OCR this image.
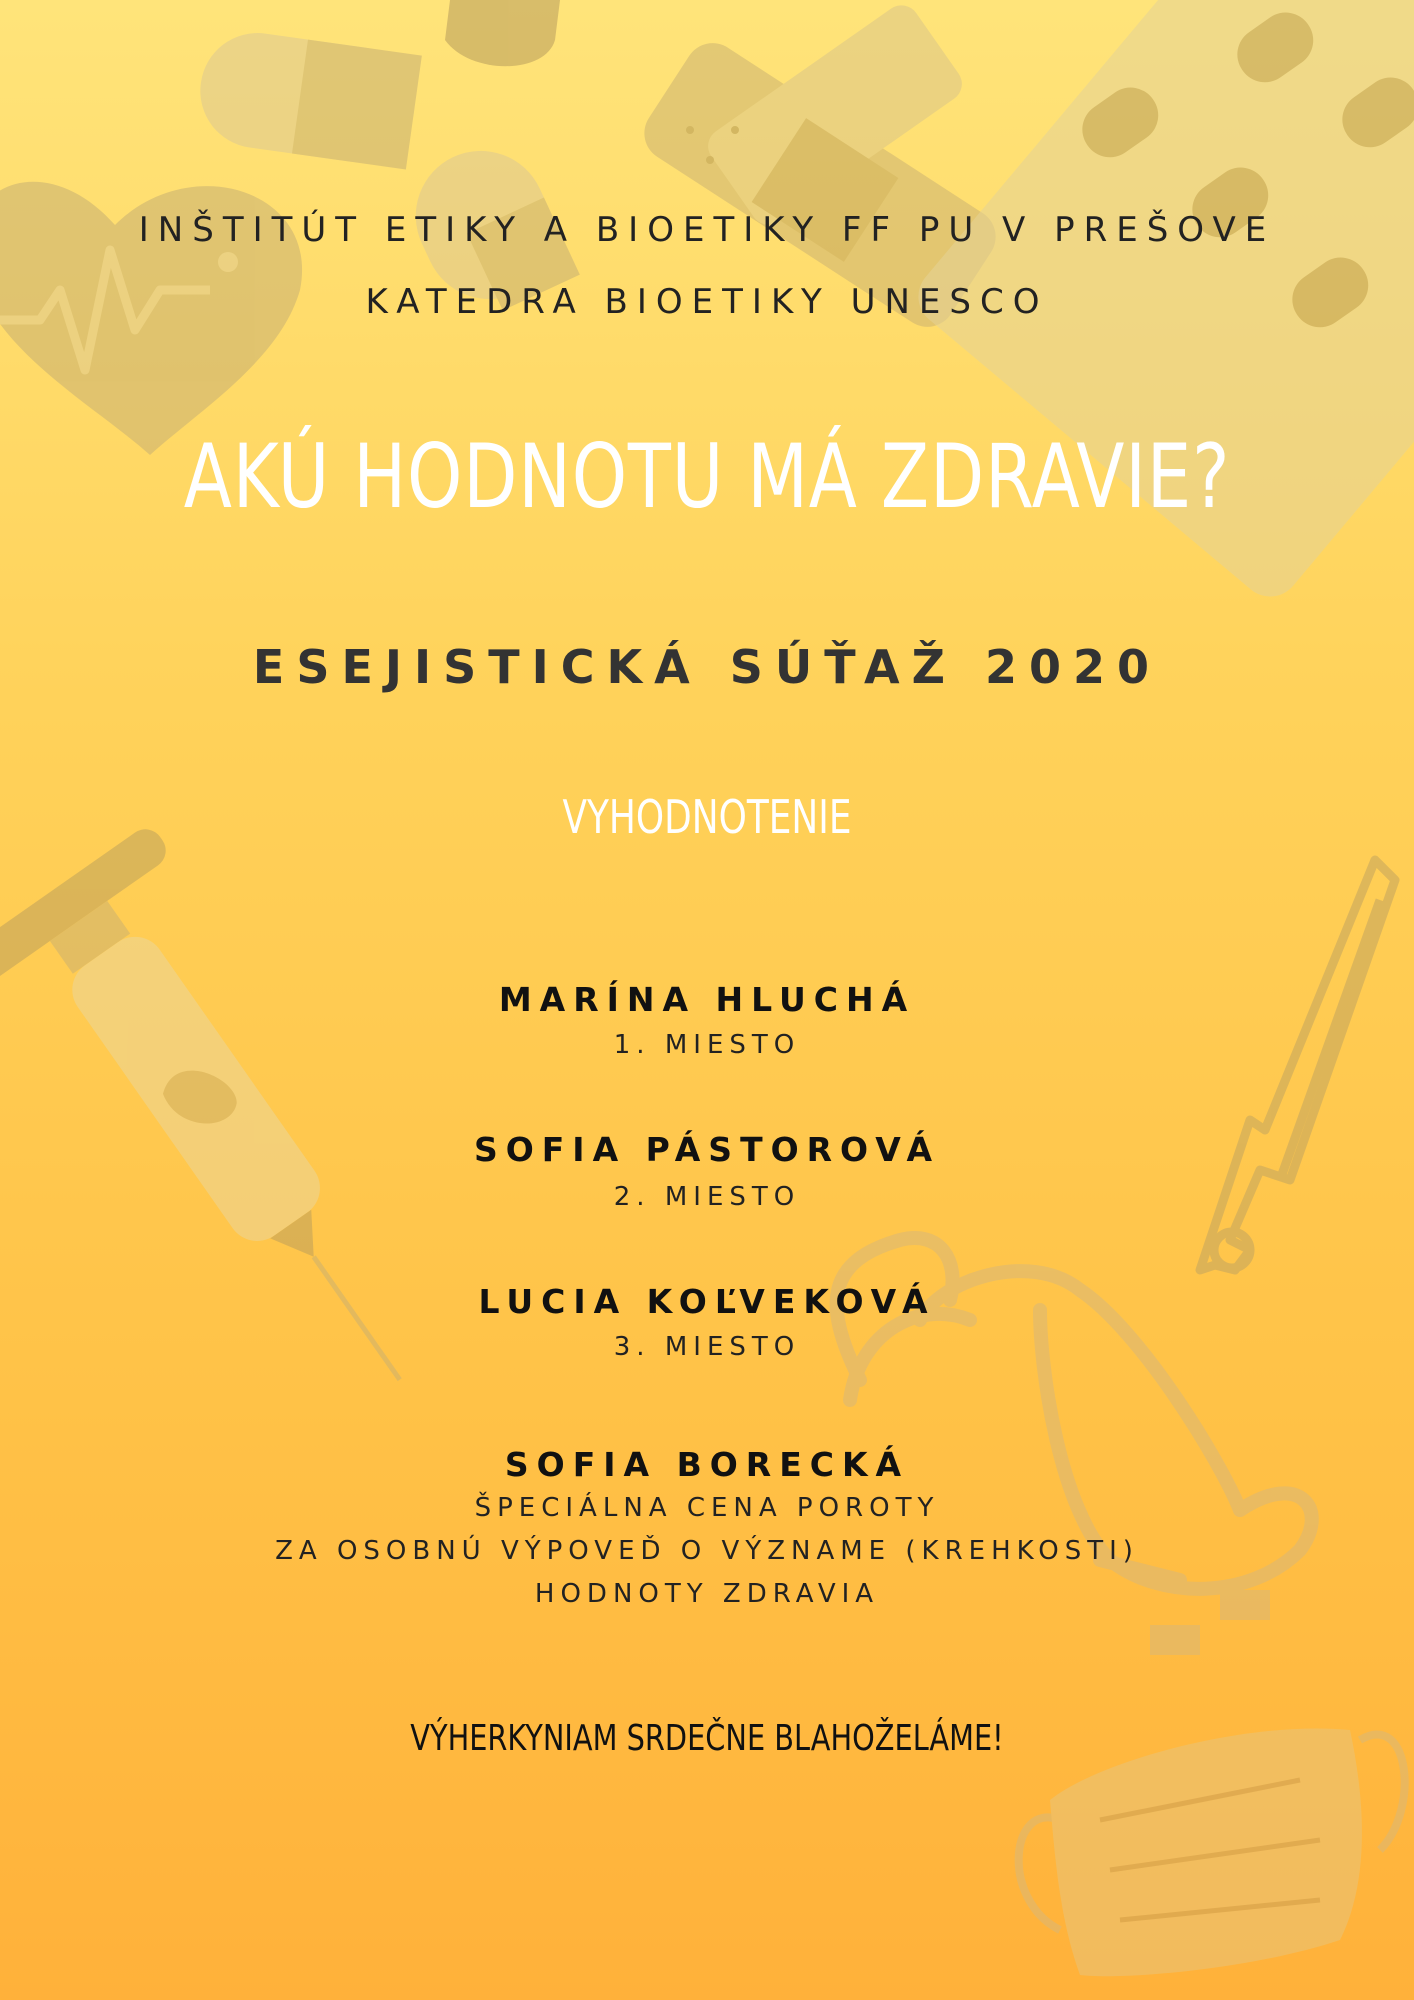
INŠTITÚT ETIKY A BIOETIKY FF PU V PREŠOVE
KATEDRA BIOETIKY UNESCO
AKÚ HODNOTU MÁ ZDRAVIE?
ESEJISTICKÁ SÚŤAŽ 2020
VYHODNOTENIE
MARÍNA HLUCHÁ
1. MIESTO
SOFIA PÁSTOROVÁ
2. MIESTO
LUCIA KOĽVEKOVÁ
3. MIESTO
SOFIA BORECKÁ
ŠPECIÁLNA CENA POROTY
ZA OSOBNÚ VÝPOVEĎ O VÝZNAME (KREHKOSTI)
HODNOTY ZDRAVIA
VÝHERKYNIAM SRDEČNE BLAHOŽELÁME!
